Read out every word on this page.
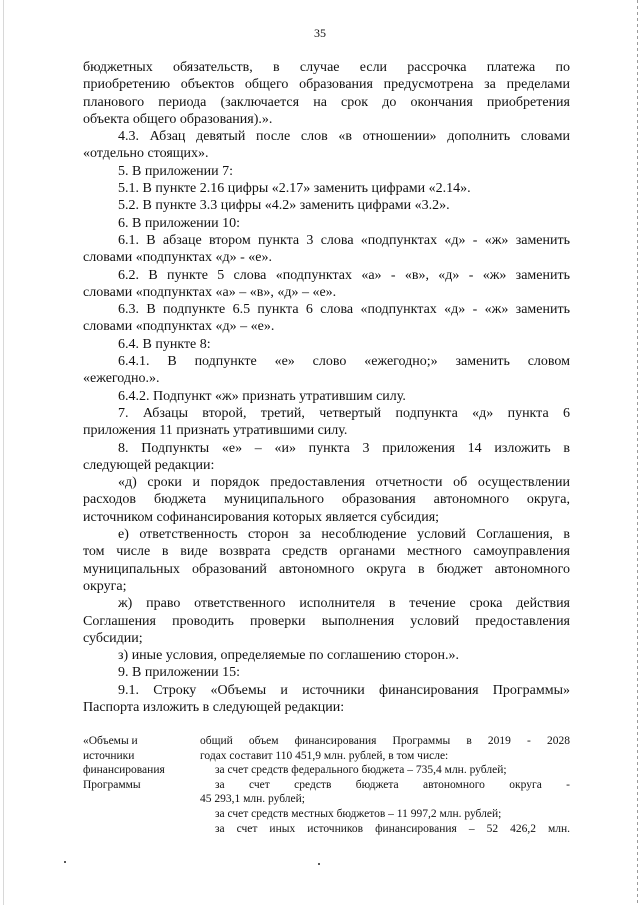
35
бюджетных обязательств, в случае если рассрочка платежа по
приобретению объектов общего образования предусмотрена за пределами
планового периода (заключается на срок до окончания приобретения
объекта общего образования).».
4.3. Абзац девятый после слов «в отношении» дополнить словами
«отдельно стоящих».
5. В приложении 7:
5.1. В пункте 2.16 цифры «2.17» заменить цифрами «2.14».
5.2. В пункте 3.3 цифры «4.2» заменить цифрами «3.2».
6. В приложении 10:
6.1. В абзаце втором пункта 3 слова «подпунктах «д» - «ж» заменить
словами «подпунктах «д» - «е».
6.2. В пункте 5 слова «подпунктах «а» - «в», «д» - «ж» заменить
словами «подпунктах «а» – «в», «д» – «е».
6.3. В подпункте 6.5 пункта 6 слова «подпунктах «д» - «ж» заменить
словами «подпунктах «д» – «е».
6.4. В пункте 8:
6.4.1. В подпункте «е» слово «ежегодно;» заменить словом
«ежегодно.».
6.4.2. Подпункт «ж» признать утратившим силу.
7. Абзацы второй, третий, четвертый подпункта «д» пункта 6
приложения 11 признать утратившими силу.
8. Подпункты «е» – «и» пункта 3 приложения 14 изложить в
следующей редакции:
«д) сроки и порядок предоставления отчетности об осуществлении
расходов бюджета муниципального образования автономного округа,
источником софинансирования которых является субсидия;
е) ответственность сторон за несоблюдение условий Соглашения, в
том числе в виде возврата средств органами местного самоуправления
муниципальных образований автономного округа в бюджет автономного
округа;
ж) право ответственного исполнителя в течение срока действия
Соглашения проводить проверки выполнения условий предоставления
субсидии;
з) иные условия, определяемые по соглашению сторон.».
9. В приложении 15:
9.1. Строку «Объемы и источники финансирования Программы»
Паспорта изложить в следующей редакции:
«Объемы и
источники
финансирования
Программы
общий объем финансирования Программы в 2019 - 2028
годах составит 110 451,9 млн. рублей, в том числе:
за счет средств федерального бюджета – 735,4 млн. рублей;
за счет средств бюджета автономного округа -
45 293,1 млн. рублей;
за счет средств местных бюджетов – 11 997,2 млн. рублей;
за счет иных источников финансирования – 52 426,2 млн.
